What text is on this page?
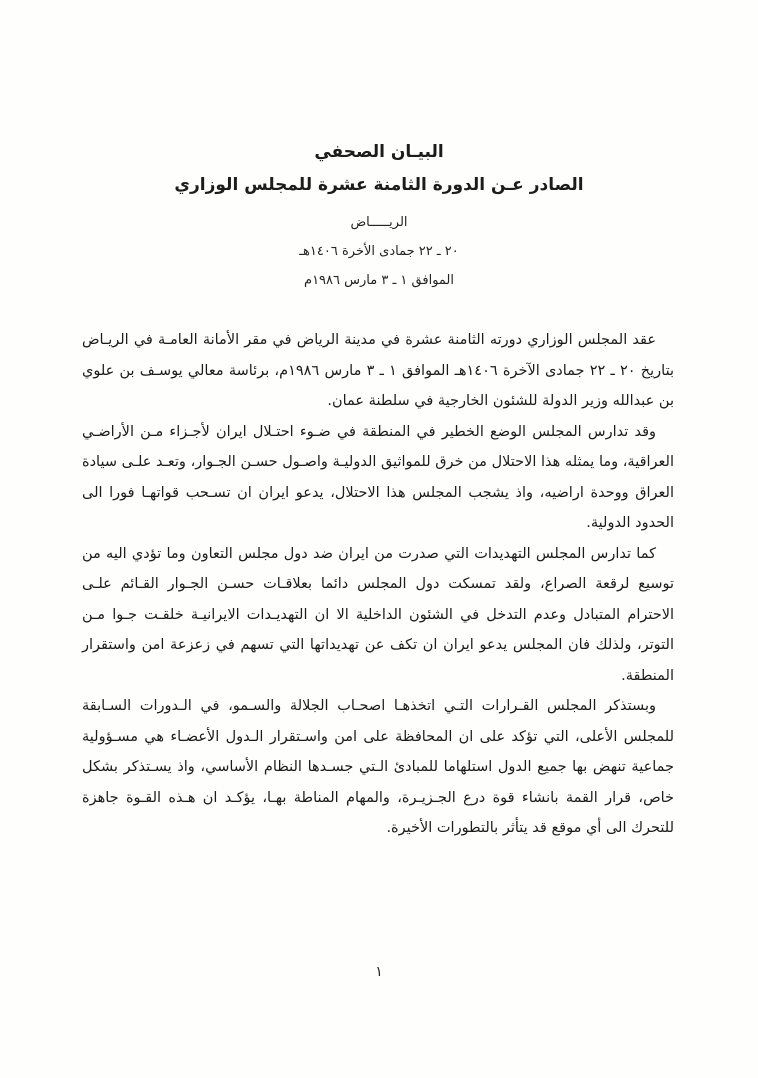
البيـان الصحفي
الصادر عـن الدورة الثامنة عشرة للمجلس الوزاري
الريـــــاض
٢٠ ـ ٢٢ جمادى الأخرة ١٤٠٦هـ
الموافق ١ ـ ٣ مارس ١٩٨٦م

عقد المجلس الوزاري دورته الثامنة عشرة في مدينة الرياض في مقر الأمانة العامـة في الريـاض بتاريخ ٢٠ ـ ٢٢ جمادى الآخرة ١٤٠٦هـ الموافق ١ ـ ٣ مارس ١٩٨٦م، برئاسة معالي يوسـف بن علوي بن عبدالله وزير الدولة للشئون الخارجية في سلطنة عمان.

وقد تدارس المجلس الوضع الخطير في المنطقة في ضـوء احتـلال ايران لأجـزاء مـن الأراضـي العراقية، وما يمثله هذا الاحتلال من خرق للمواثيق الدوليـة واصـول حسـن الجـوار، وتعـد علـى سيادة العراق ووحدة اراضيه، واذ يشجب المجلس هذا الاحتلال، يدعو ايران ان تسـحب قواتهـا فورا الى الحدود الدولية.

كما تدارس المجلس التهديدات التي صدرت من ايران ضد دول مجلس التعاون وما تؤدي اليه من توسيع لرقعة الصراع، ولقد تمسكت دول المجلس دائما بعلاقـات حسـن الجـوار القـائم علـى الاحترام المتبادل وعدم التدخل في الشئون الداخلية الا ان التهديـدات الايرانيـة خلقـت جـوا مـن التوتر، ولذلك فان المجلس يدعو ايران ان تكف عن تهديداتها التي تسهم في زعزعة امن واستقرار المنطقة.

وبستذكر المجلس القـرارات التـي اتخذهـا اصحـاب الجلالة والسـمو، في الـدورات السـابقة للمجلس الأعلى، التي تؤكد على ان المحافظة على امن واسـتقرار الـدول الأعضـاء هي مسـؤولية جماعية تنهض بها جميع الدول استلهاما للمبادئ الـتي جسـدها النظام الأساسي، واذ يسـتذكر بشكل خاص، قرار القمة بانشاء قوة درع الجـزيـرة، والمهام المناطة بهـا، يؤكـد ان هـذه القـوة جاهزة للتحرك الى أي موقع قد يتأثر بالتطورات الأخيرة.

١
